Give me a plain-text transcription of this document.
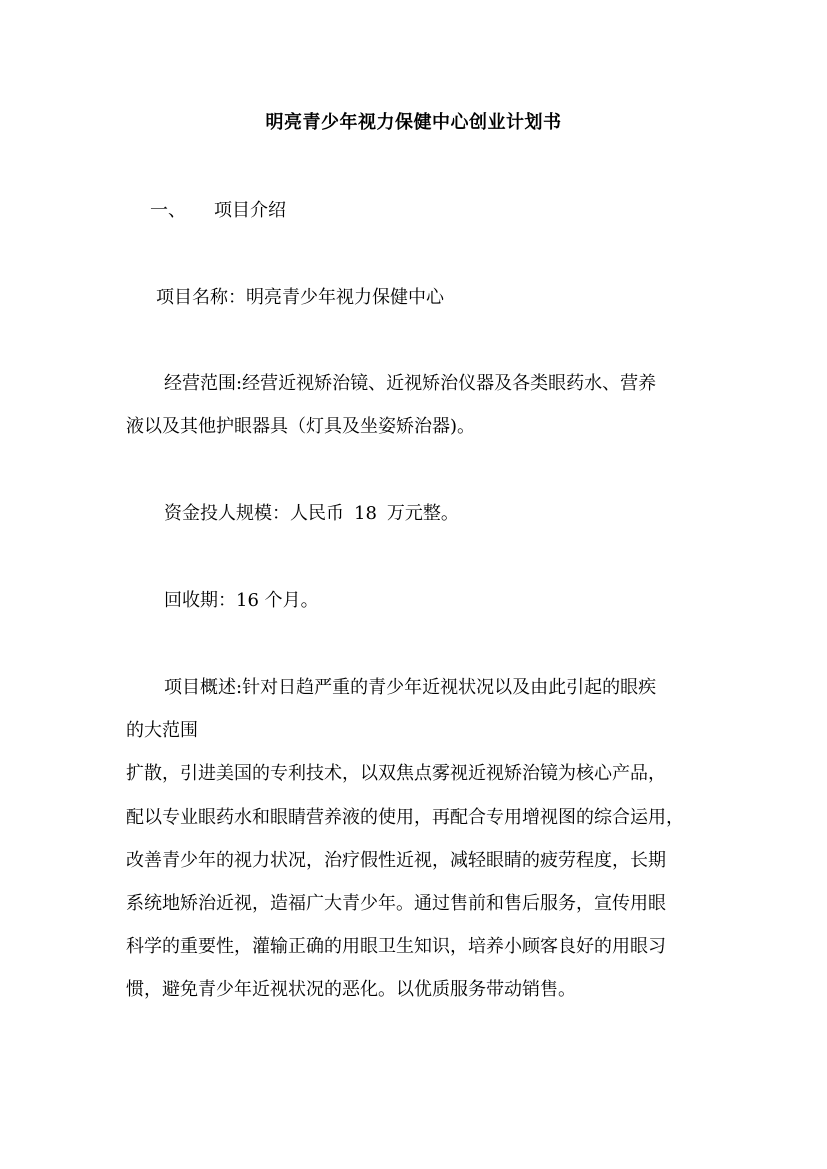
明亮青少年视力保健中心创业计划书
一、 项目介绍
项目名称：明亮青少年视力保健中心
经营范围:经营近视矫治镜、近视矫治仪器及各类眼药水、营养
液以及其他护眼器具（灯具及坐姿矫治器)。
资金投人规模：人民币 18 万元整。
回收期：16 个月。
项目概述:针对日趋严重的青少年近视状况以及由此引起的眼疾
的大范围
扩散，引进美国的专利技术，以双焦点雾视近视矫治镜为核心产品，
配以专业眼药水和眼睛营养液的使用，再配合专用增视图的综合运用，
改善青少年的视力状况，治疗假性近视，减轻眼睛的疲劳程度，长期
系统地矫治近视，造福广大青少年。通过售前和售后服务，宣传用眼
科学的重要性，灌输正确的用眼卫生知识，培养小顾客良好的用眼习
惯，避免青少年近视状况的恶化。以优质服务带动销售。
